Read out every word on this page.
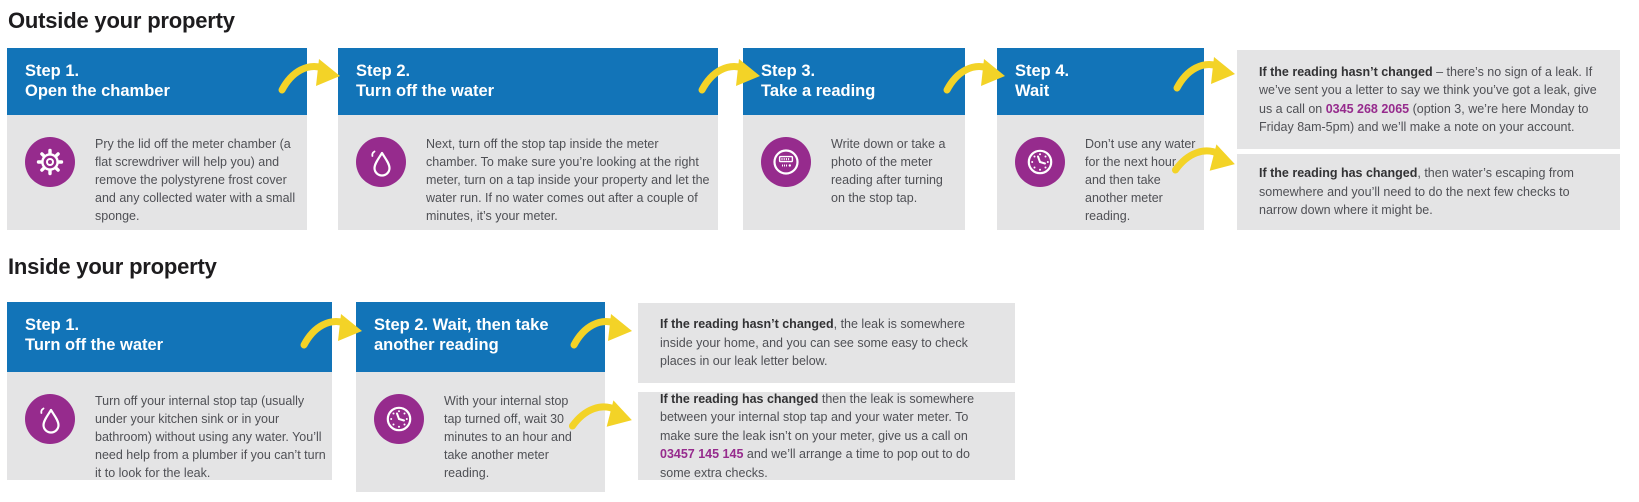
Outside your property
Step 1.
Open the chamber

Pry the lid off the meter chamber (a flat screwdriver will help you) and remove the polystyrene frost cover and any collected water with a small sponge.

Step 2.
Turn off the water

Next, turn off the stop tap inside the meter chamber. To make sure you’re looking at the right meter, turn on a tap inside your property and let the water run. If no water comes out after a couple of minutes, it’s your meter.

Step 3.
Take a reading

Write down or take a photo of the meter reading after turning on the stop tap.

Step 4.
Wait

Don’t use any water for the next hour and then take another meter reading.

If the reading hasn’t changed – there’s no sign of a leak. If we’ve sent you a letter to say we think you’ve got a leak, give us a call on 0345 268 2065 (option 3, we’re here Monday to Friday 8am-5pm) and we’ll make a note on your account.

If the reading has changed, then water’s escaping from somewhere and you’ll need to do the next few checks to narrow down where it might be.

Inside your property
Step 1.
Turn off the water

Turn off your internal stop tap (usually under your kitchen sink or in your bathroom) without using any water. You’ll need help from a plumber if you can’t turn it to look for the leak.

Step 2. Wait, then take
another reading

With your internal stop tap turned off, wait 30 minutes to an hour and take another meter reading.

If the reading hasn’t changed, the leak is somewhere inside your home, and you can see some easy to check places in our leak letter below.

If the reading has changed then the leak is somewhere between your internal stop tap and your water meter. To make sure the leak isn’t on your meter, give us a call on 03457 145 145 and we’ll arrange a time to pop out to do some extra checks.
